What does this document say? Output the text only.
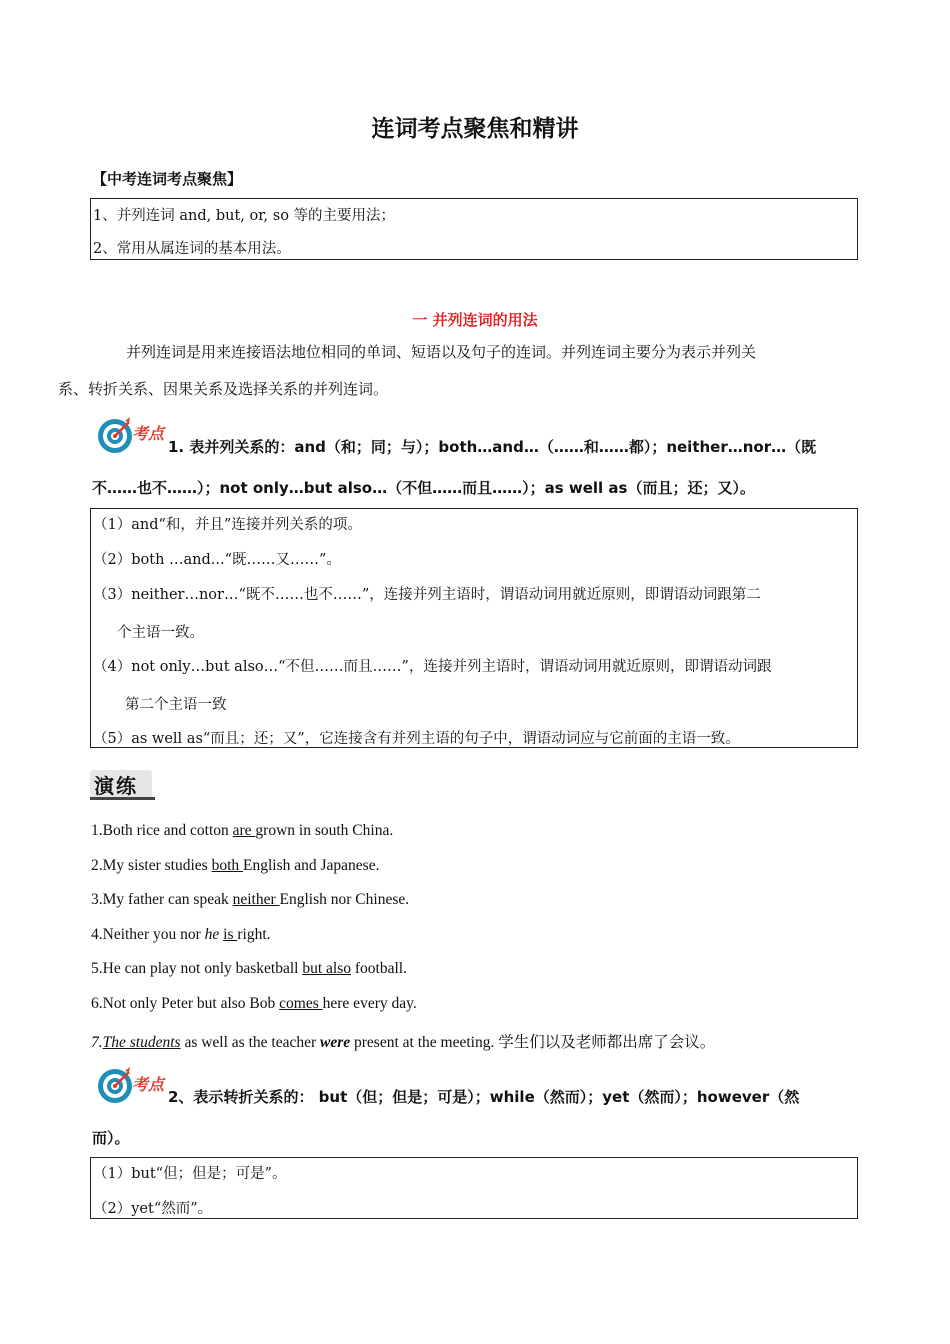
连词考点聚焦和精讲
【中考连词考点聚焦】
1、并列连词 and, but, or, so 等的主要用法；
2、常用从属连词的基本用法。
一 并列连词的用法
并列连词是用来连接语法地位相同的单词、短语以及句子的连词。并列连词主要分为表示并列关
系、转折关系、因果关系及选择关系的并列连词。
考点
1. 表并列关系的：and（和；同；与）；both…and…（……和……都）；neither…nor…（既
不……也不……）；not only…but also…（不但……而且……）；as well as（而且；还；又）。
（1）and“和，并且”连接并列关系的项。
（2）both …and...“既……又……”。
（3）neither…nor…“既不……也不……”，连接并列主语时，谓语动词用就近原则，即谓语动词跟第二
个主语一致。
（4）not only…but also…“不但……而且……”，连接并列主语时，谓语动词用就近原则，即谓语动词跟
第二个主语一致
（5）as well as“而且；还；又”，它连接含有并列主语的句子中，谓语动词应与它前面的主语一致。
演练
1.Both rice and cotton are grown in south China.
2.My sister studies both English and Japanese.
3.My father can speak neither English nor Chinese.
4.Neither you nor he is right.
5.He can play not only basketball but also football.
6.Not only Peter but also Bob comes here every day.
7.The students as well as the teacher were present at the meeting. 学生们以及老师都出席了会议。
考点
2、表示转折关系的： but（但；但是；可是）；while（然而）；yet（然而）；however（然
而）。
（1）but“但；但是；可是”。
（2）yet“然而”。
